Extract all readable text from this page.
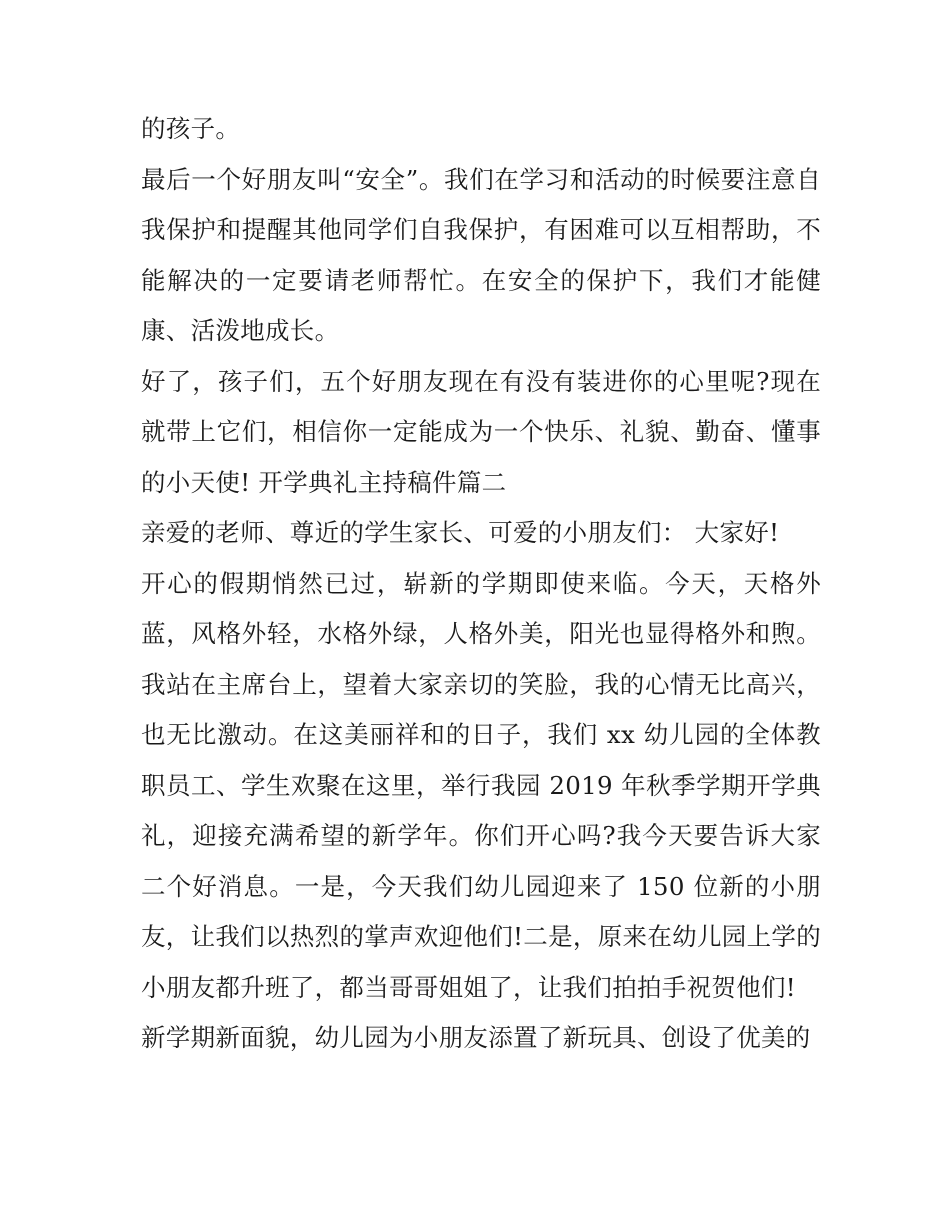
的孩子。

最后一个好朋友叫“安全”。我们在学习和活动的时候要注意自我保护和提醒其他同学们自我保护，有困难可以互相帮助，不能解决的一定要请老师帮忙。在安全的保护下，我们才能健康、活泼地成长。

好了，孩子们，五个好朋友现在有没有装进你的心里呢?现在就带上它们，相信你一定能成为一个快乐、礼貌、勤奋、懂事的小天使! 开学典礼主持稿件篇二

亲爱的老师、尊近的学生家长、可爱的小朋友们： 大家好!

开心的假期悄然已过，崭新的学期即使来临。今天，天格外蓝，风格外轻，水格外绿，人格外美，阳光也显得格外和煦。我站在主席台上，望着大家亲切的笑脸，我的心情无比高兴，也无比激动。在这美丽祥和的日子，我们 xx 幼儿园的全体教职员工、学生欢聚在这里，举行我园 2019 年秋季学期开学典礼，迎接充满希望的新学年。你们开心吗?我今天要告诉大家二个好消息。一是，今天我们幼儿园迎来了 150 位新的小朋友，让我们以热烈的掌声欢迎他们!二是，原来在幼儿园上学的小朋友都升班了，都当哥哥姐姐了，让我们拍拍手祝贺他们!

新学期新面貌，幼儿园为小朋友添置了新玩具、创设了优美的
